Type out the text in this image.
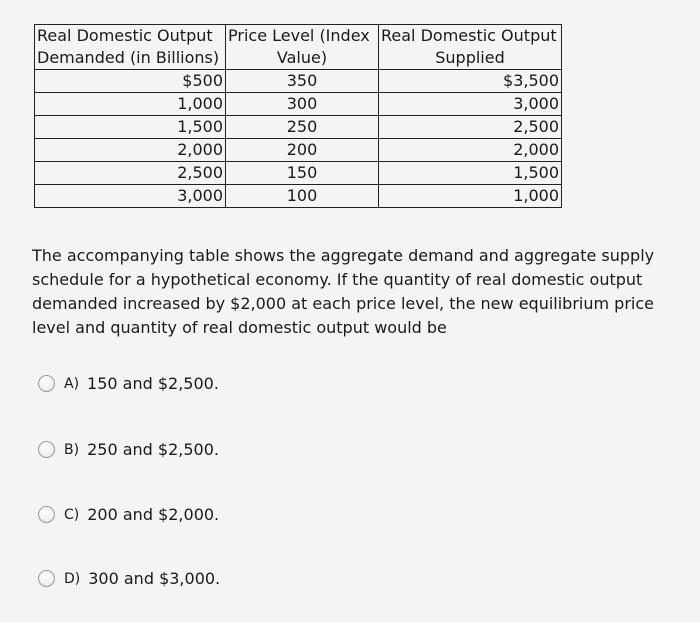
Real Domestic Output	Price Level (Index	Real Domestic Output
Demanded (in Billions)	Value)	Supplied
$500	350	$3,500
1,000	300	3,000
1,500	250	2,500
2,000	200	2,000
2,500	150	1,500
3,000	100	1,000

The accompanying table shows the aggregate demand and aggregate supply schedule for a hypothetical economy. If the quantity of real domestic output demanded increased by $2,000 at each price level, the new equilibrium price level and quantity of real domestic output would be

A) 150 and $2,500.
B) 250 and $2,500.
C) 200 and $2,000.
D) 300 and $3,000.
